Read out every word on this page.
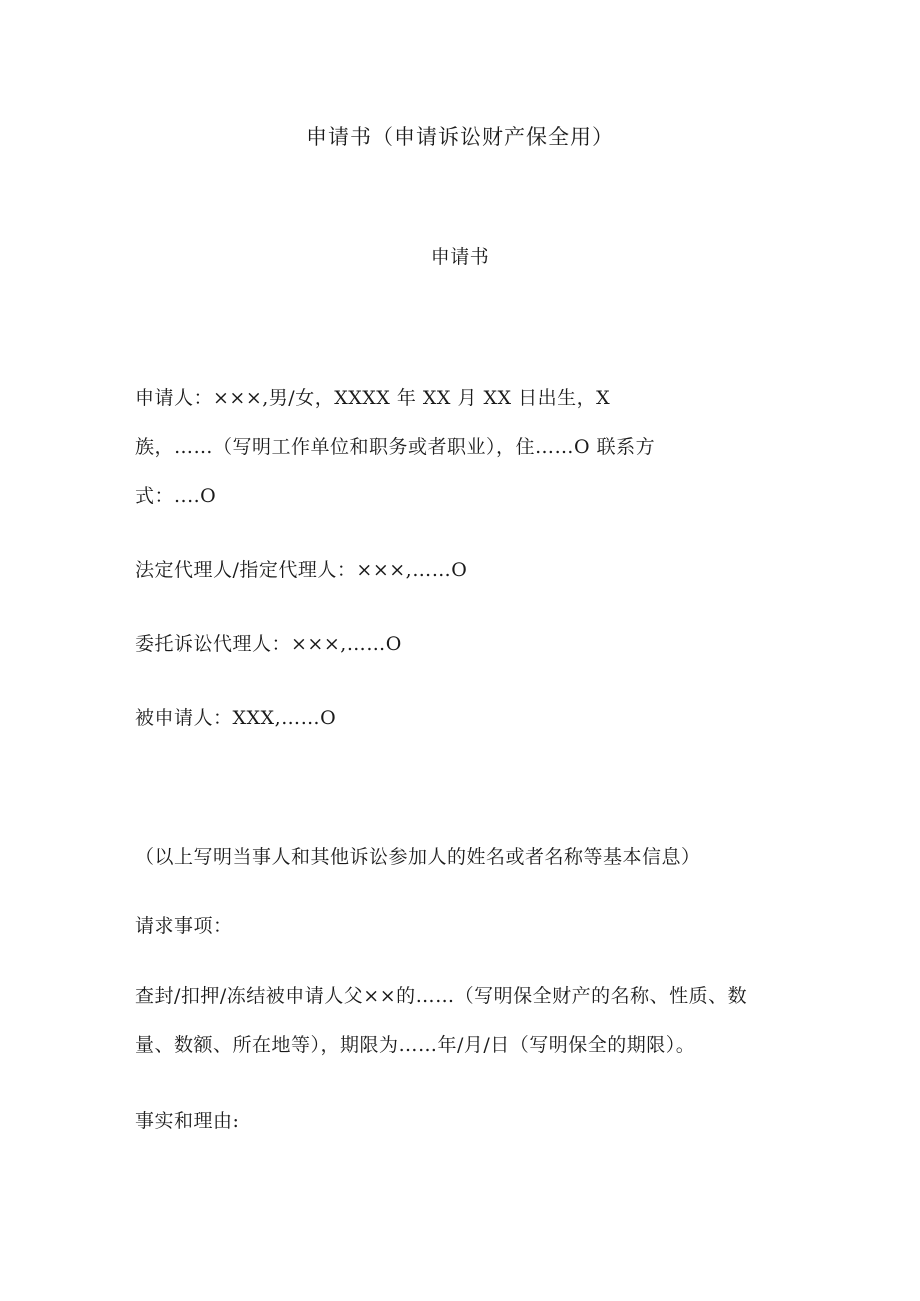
申请书（申请诉讼财产保全用）
申请书
申请人：×××,男/女，XXXX 年 XX 月 XX 日出生，X
族，……（写明工作单位和职务或者职业），住……O 联系方
式：....O
法定代理人/指定代理人：×××,……O
委托诉讼代理人：×××,……O
被申请人：XXX,……O
（以上写明当事人和其他诉讼参加人的姓名或者名称等基本信息）
请求事项：
查封/扣押/冻结被申请人父××的……（写明保全财产的名称、性质、数
量、数额、所在地等），期限为……年/月/日（写明保全的期限）。
事实和理由:
